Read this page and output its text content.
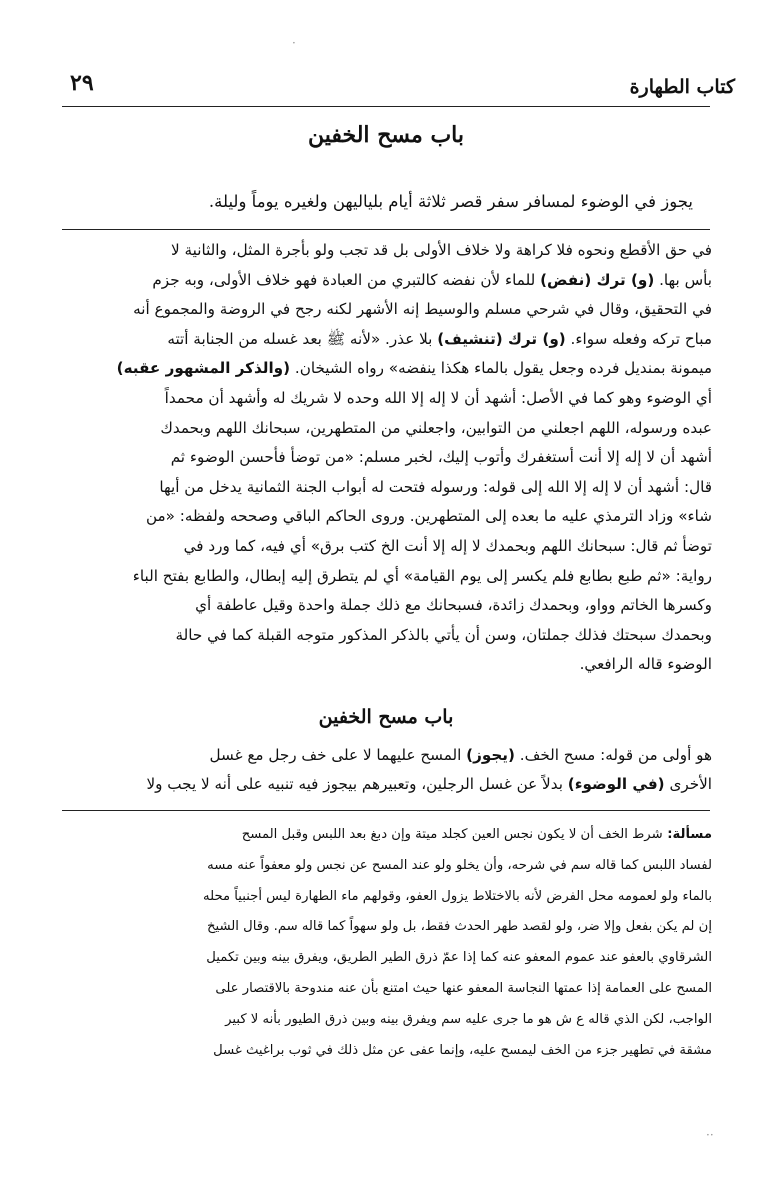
كتاب الطهارة
٢٩
باب مسح الخفين
يجوز في الوضوء لمسافر سفر قصر ثلاثة أيام بلياليهن ولغيره يوماً وليلة.
في حق الأقطع ونحوه فلا كراهة ولا خلاف الأولى بل قد تجب ولو بأجرة المثل، والثانية لا
بأس بها. (و) ترك (نفض) للماء لأن نفضه كالتبري من العبادة فهو خلاف الأولى، وبه جزم
في التحقيق، وقال في شرحي مسلم والوسيط إنه الأشهر لكنه رجح في الروضة والمجموع أنه
مباح تركه وفعله سواء. (و) ترك (تنشيف) بلا عذر. «لأنه ﷺ بعد غسله من الجنابة أتته
ميمونة بمنديل فرده وجعل يقول بالماء هكذا ينفضه» رواه الشيخان. (والذكر المشهور عقبه)
أي الوضوء وهو كما في الأصل: أشهد أن لا إله إلا الله وحده لا شريك له وأشهد أن محمداً
عبده ورسوله، اللهم اجعلني من التوابين، واجعلني من المتطهرين، سبحانك اللهم وبحمدك
أشهد أن لا إله إلا أنت أستغفرك وأتوب إليك، لخبر مسلم: «من توضأ فأحسن الوضوء ثم
قال: أشهد أن لا إله إلا الله إلى قوله: ورسوله فتحت له أبواب الجنة الثمانية يدخل من أيها
شاء» وزاد الترمذي عليه ما بعده إلى المتطهرين. وروى الحاكم الباقي وصححه ولفظه: «من
توضأ ثم قال: سبحانك اللهم وبحمدك لا إله إلا أنت الخ كتب برق» أي فيه، كما ورد في
رواية: «ثم طبع بطابع فلم يكسر إلى يوم القيامة» أي لم يتطرق إليه إبطال، والطابع بفتح الباء
وكسرها الخاتم وواو، وبحمدك زائدة، فسبحانك مع ذلك جملة واحدة وقيل عاطفة أي
وبحمدك سبحتك فذلك جملتان، وسن أن يأتي بالذكر المذكور متوجه القبلة كما في حالة
الوضوء قاله الرافعي.
باب مسح الخفين
هو أولى من قوله: مسح الخف. (يجوز) المسح عليهما لا على خف رجل مع غسل
الأخرى (في الوضوء) بدلاً عن غسل الرجلين، وتعبيرهم بيجوز فيه تنبيه على أنه لا يجب ولا
مسألة: شرط الخف أن لا يكون نجس العين كجلد ميتة وإن دبغ بعد اللبس وقبل المسح
لفساد اللبس كما قاله سم في شرحه، وأن يخلو ولو عند المسح عن نجس ولو معفواً عنه مسه
بالماء ولو لعمومه محل الفرض لأنه بالاختلاط يزول العفو، وقولهم ماء الطهارة ليس أجنبياً محله
إن لم يكن بفعل وإلا ضر، ولو لقصد طهر الحدث فقط، بل ولو سهواً كما قاله سم. وقال الشيخ
الشرقاوي بالعفو عند عموم المعفو عنه كما إذا عمّ ذرق الطير الطريق، ويفرق بينه وبين تكميل
المسح على العمامة إذا عمتها النجاسة المعفو عنها حيث امتنع بأن عنه مندوحة بالاقتصار على
الواجب، لكن الذي قاله ع ش هو ما جرى عليه سم ويفرق بينه وبين ذرق الطيور بأنه لا كبير
مشقة في تطهير جزء من الخف ليمسح عليه، وإنما عفى عن مثل ذلك في ثوب براغيث غسل
·
··
